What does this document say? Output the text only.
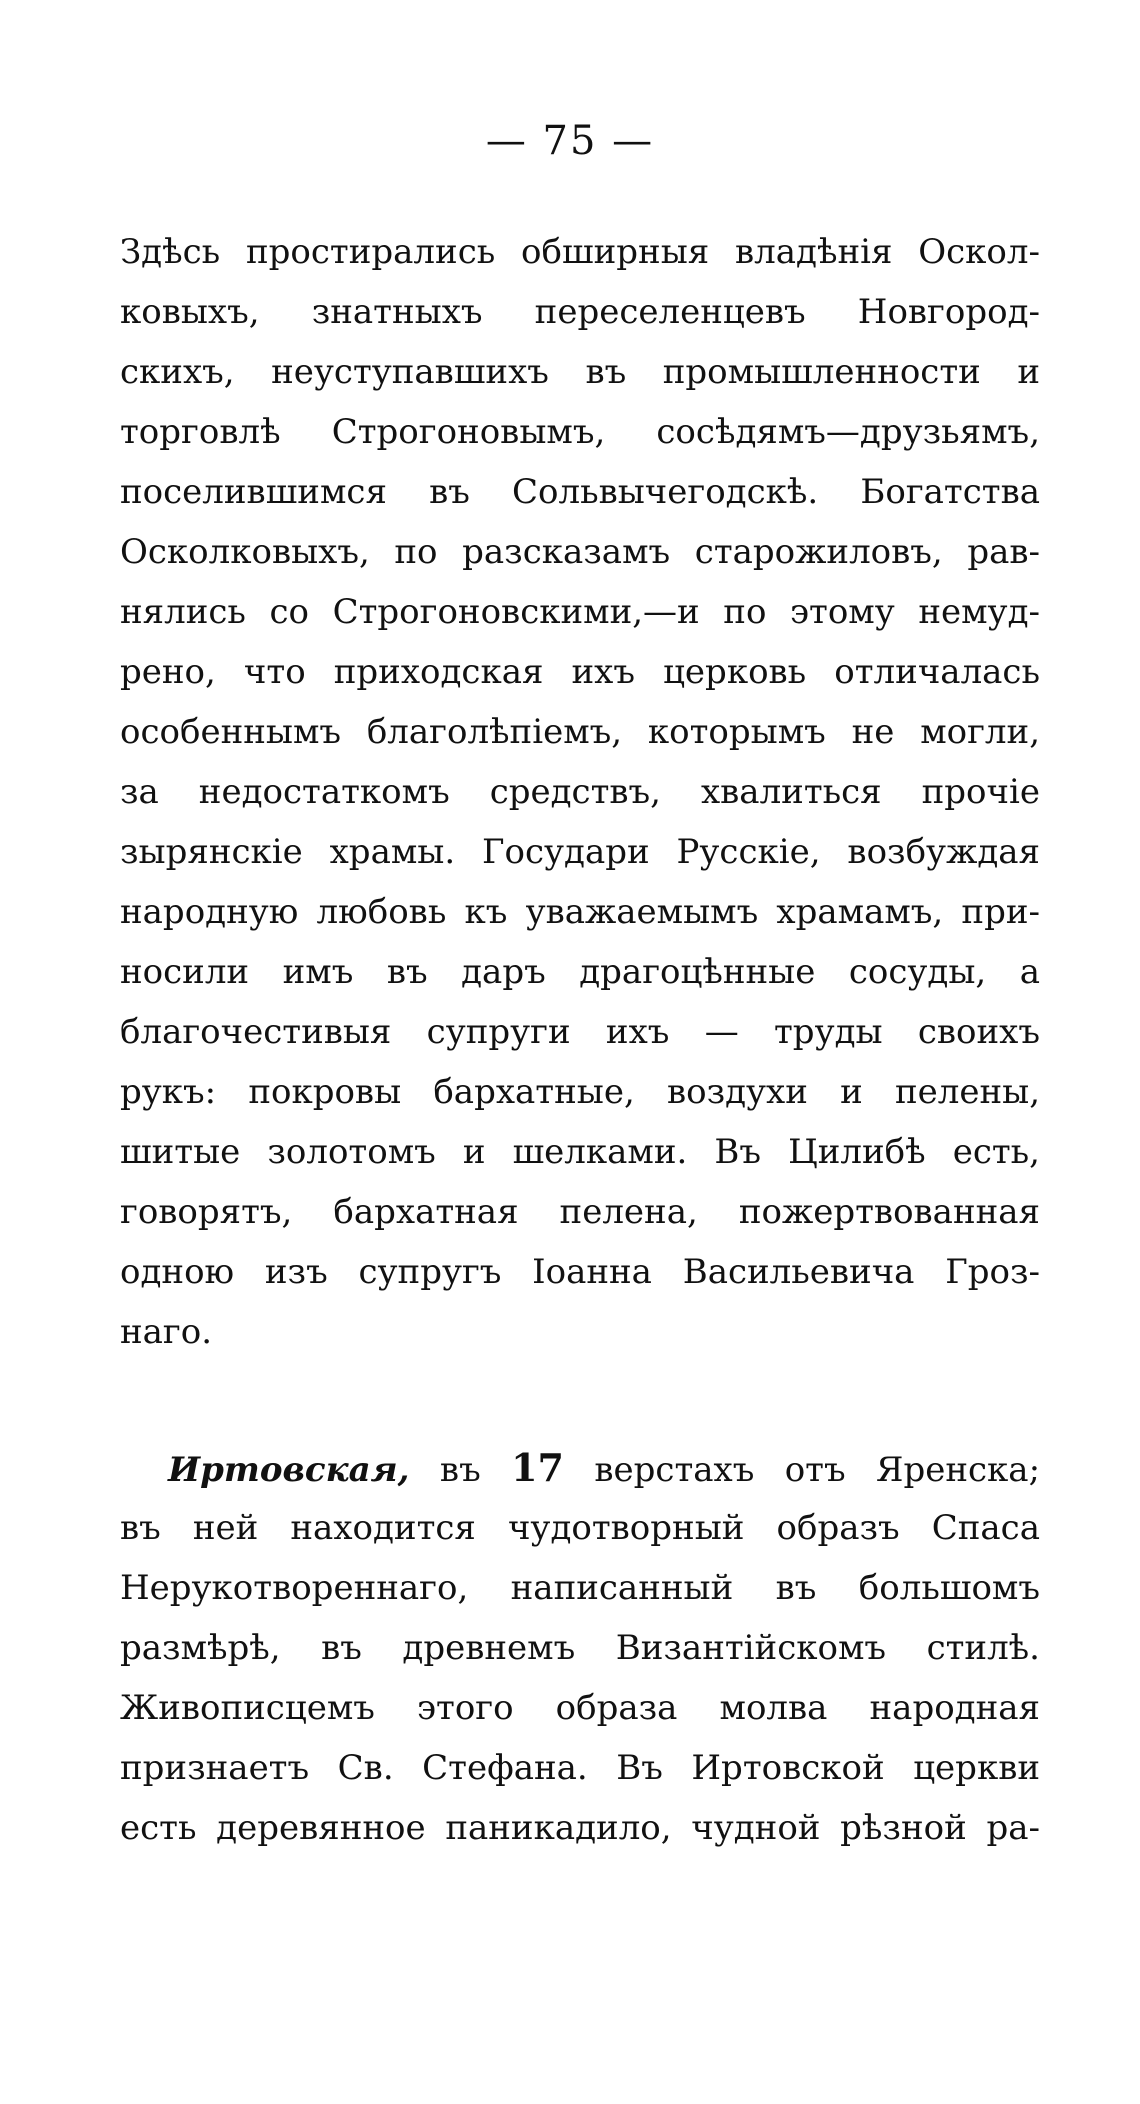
— 75 —
Здѣсь простирались обширныя владѣнія Оскол-
ковыхъ, знатныхъ переселенцевъ Новгород-
скихъ, неуступавшихъ въ промышленности и
торговлѣ Строгоновымъ, сосѣдямъ—друзьямъ,
поселившимся въ Сольвычегодскѣ. Богатства
Осколковыхъ, по разсказамъ старожиловъ, рав-
нялись со Строгоновскими,—и по этому немуд-
рено, что приходская ихъ церковь отличалась
особеннымъ благолѣпіемъ, которымъ не могли,
за недостаткомъ средствъ, хвалиться прочіе
зырянскіе храмы. Государи Русскіе, возбуждая
народную любовь къ уважаемымъ храмамъ, при-
носили имъ въ даръ драгоцѣнные сосуды, а
благочестивыя супруги ихъ — труды своихъ
рукъ: покровы бархатные, воздухи и пелены,
шитые золотомъ и шелками. Въ Цилибѣ есть,
говорятъ, бархатная пелена, пожертвованная
одною изъ супругъ Іоанна Васильевича Гроз-
наго.
Иртовская, въ 17 верстахъ отъ Яренска;
въ ней находится чудотворный образъ Спаса
Нерукотвореннаго, написанный въ большомъ
размѣрѣ, въ древнемъ Византійскомъ стилѣ.
Живописцемъ этого образа молва народная
признаетъ Св. Стефана. Въ Иртовской церкви
есть деревянное паникадило, чудной рѣзной ра-
